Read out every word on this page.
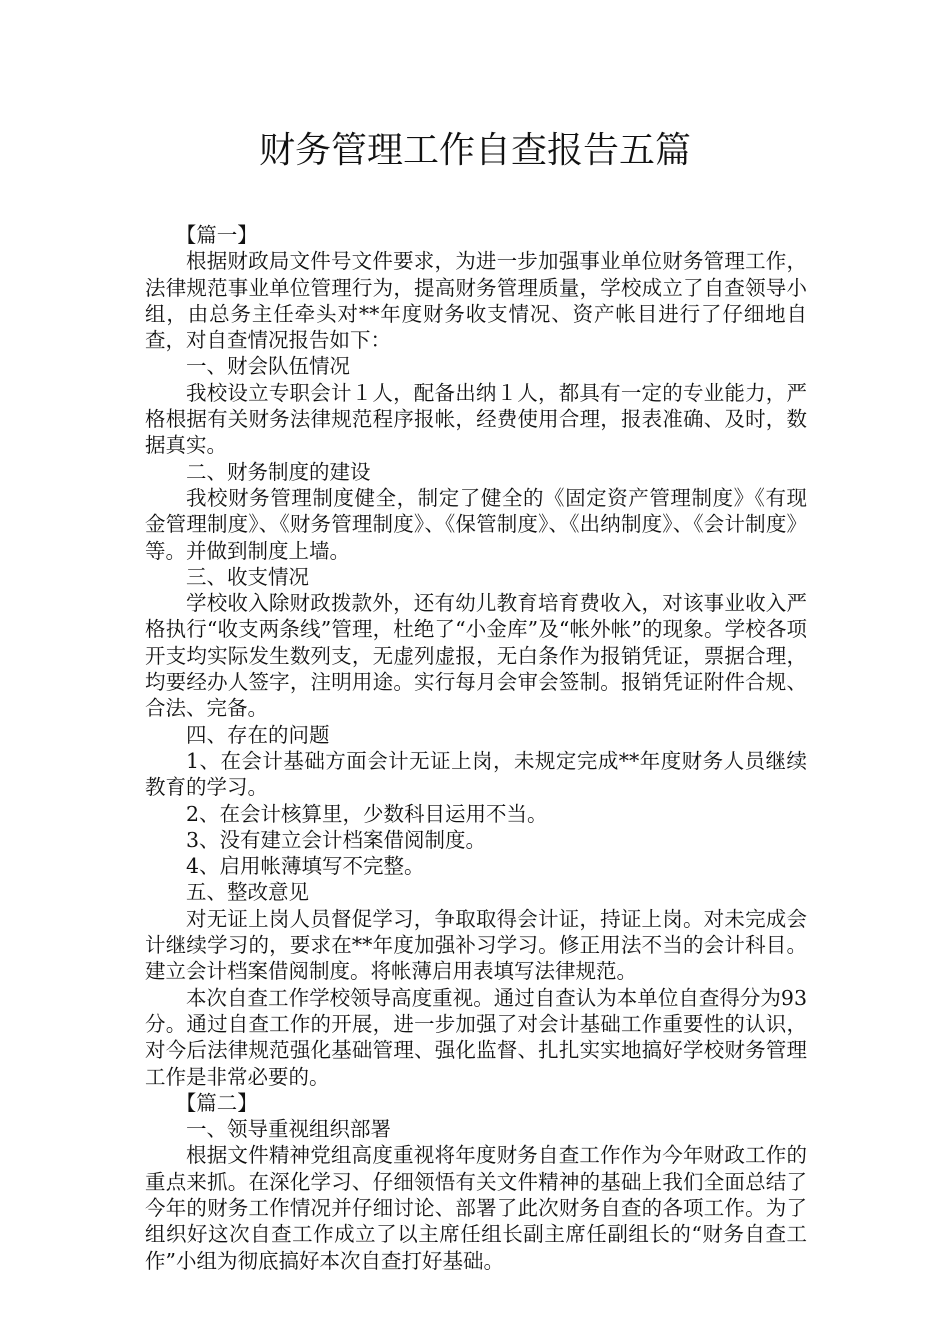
财务管理工作自查报告五篇

【篇一】

根据财政局文件号文件要求，为进一步加强事业单位财务管理工作，法律规范事业单位管理行为，提高财务管理质量，学校成立了自查领导小组，由总务主任牵头对**年度财务收支情况、资产帐目进行了仔细地自查，对自查情况报告如下：

一、财会队伍情况

我校设立专职会计１人，配备出纳１人，都具有一定的专业能力，严格根据有关财务法律规范程序报帐，经费使用合理，报表准确、及时，数据真实。

二、财务制度的建设

我校财务管理制度健全，制定了健全的《固定资产管理制度》《有现金管理制度》、《财务管理制度》、《保管制度》、《出纳制度》、《会计制度》等。并做到制度上墙。

三、收支情况

学校收入除财政拨款外，还有幼儿教育培育费收入，对该事业收入严格执行“收支两条线”管理，杜绝了“小金库”及“帐外帐”的现象。学校各项开支均实际发生数列支，无虚列虚报，无白条作为报销凭证，票据合理，均要经办人签字，注明用途。实行每月会审会签制。报销凭证附件合规、合法、完备。

四、存在的问题

1、在会计基础方面会计无证上岗，未规定完成**年度财务人员继续教育的学习。

2、在会计核算里，少数科目运用不当。

3、没有建立会计档案借阅制度。

4、启用帐薄填写不完整。

五、整改意见

对无证上岗人员督促学习，争取取得会计证，持证上岗。对未完成会计继续学习的，要求在**年度加强补习学习。修正用法不当的会计科目。建立会计档案借阅制度。将帐薄启用表填写法律规范。

本次自查工作学校领导高度重视。通过自查认为本单位自查得分为93分。通过自查工作的开展，进一步加强了对会计基础工作重要性的认识，对今后法律规范强化基础管理、强化监督、扎扎实实地搞好学校财务管理工作是非常必要的。

【篇二】

一、领导重视组织部署

根据文件精神党组高度重视将年度财务自查工作作为今年财政工作的重点来抓。在深化学习、仔细领悟有关文件精神的基础上我们全面总结了今年的财务工作情况并仔细讨论、部署了此次财务自查的各项工作。为了组织好这次自查工作成立了以主席任组长副主席任副组长的“财务自查工作”小组为彻底搞好本次自查打好基础。
